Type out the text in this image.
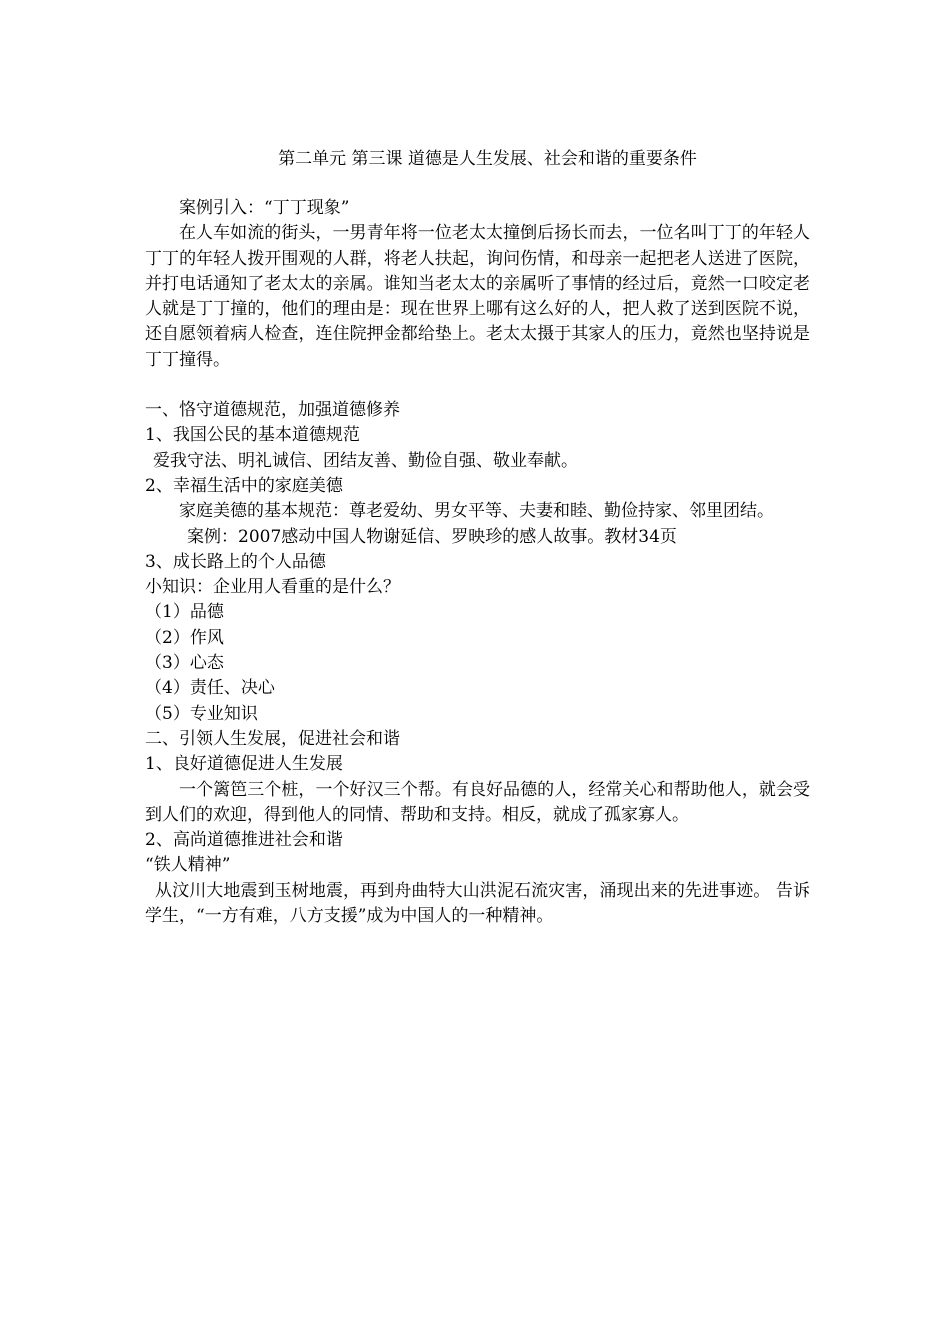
第二单元 第三课 道德是人生发展、社会和谐的重要条件

案例引入：“丁丁现象”

在人车如流的街头，一男青年将一位老太太撞倒后扬长而去，一位名叫丁丁的年轻人丁丁的年轻人拨开围观的人群，将老人扶起，询问伤情，和母亲一起把老人送进了医院，并打电话通知了老太太的亲属。谁知当老太太的亲属听了事情的经过后，竟然一口咬定老人就是丁丁撞的，他们的理由是：现在世界上哪有这么好的人，把人救了送到医院不说，还自愿领着病人检查，连住院押金都给垫上。老太太摄于其家人的压力，竟然也坚持说是丁丁撞得。

一、恪守道德规范，加强道德修养

1、我国公民的基本道德规范

爱我守法、明礼诚信、团结友善、勤俭自强、敬业奉献。

2、幸福生活中的家庭美德

家庭美德的基本规范：尊老爱幼、男女平等、夫妻和睦、勤俭持家、邻里团结。

案例：2007感动中国人物谢延信、罗映珍的感人故事。教材34页

3、成长路上的个人品德

小知识：企业用人看重的是什么？

（1）品德

（2）作风

（3）心态

（4）责任、决心

（5）专业知识

二、引领人生发展，促进社会和谐

1、良好道德促进人生发展

一个篱笆三个桩，一个好汉三个帮。有良好品德的人，经常关心和帮助他人，就会受到人们的欢迎，得到他人的同情、帮助和支持。相反，就成了孤家寡人。

2、高尚道德推进社会和谐

“铁人精神”

从汶川大地震到玉树地震，再到舟曲特大山洪泥石流灾害，涌现出来的先进事迹。 告诉学生，“一方有难，八方支援”成为中国人的一种精神。
